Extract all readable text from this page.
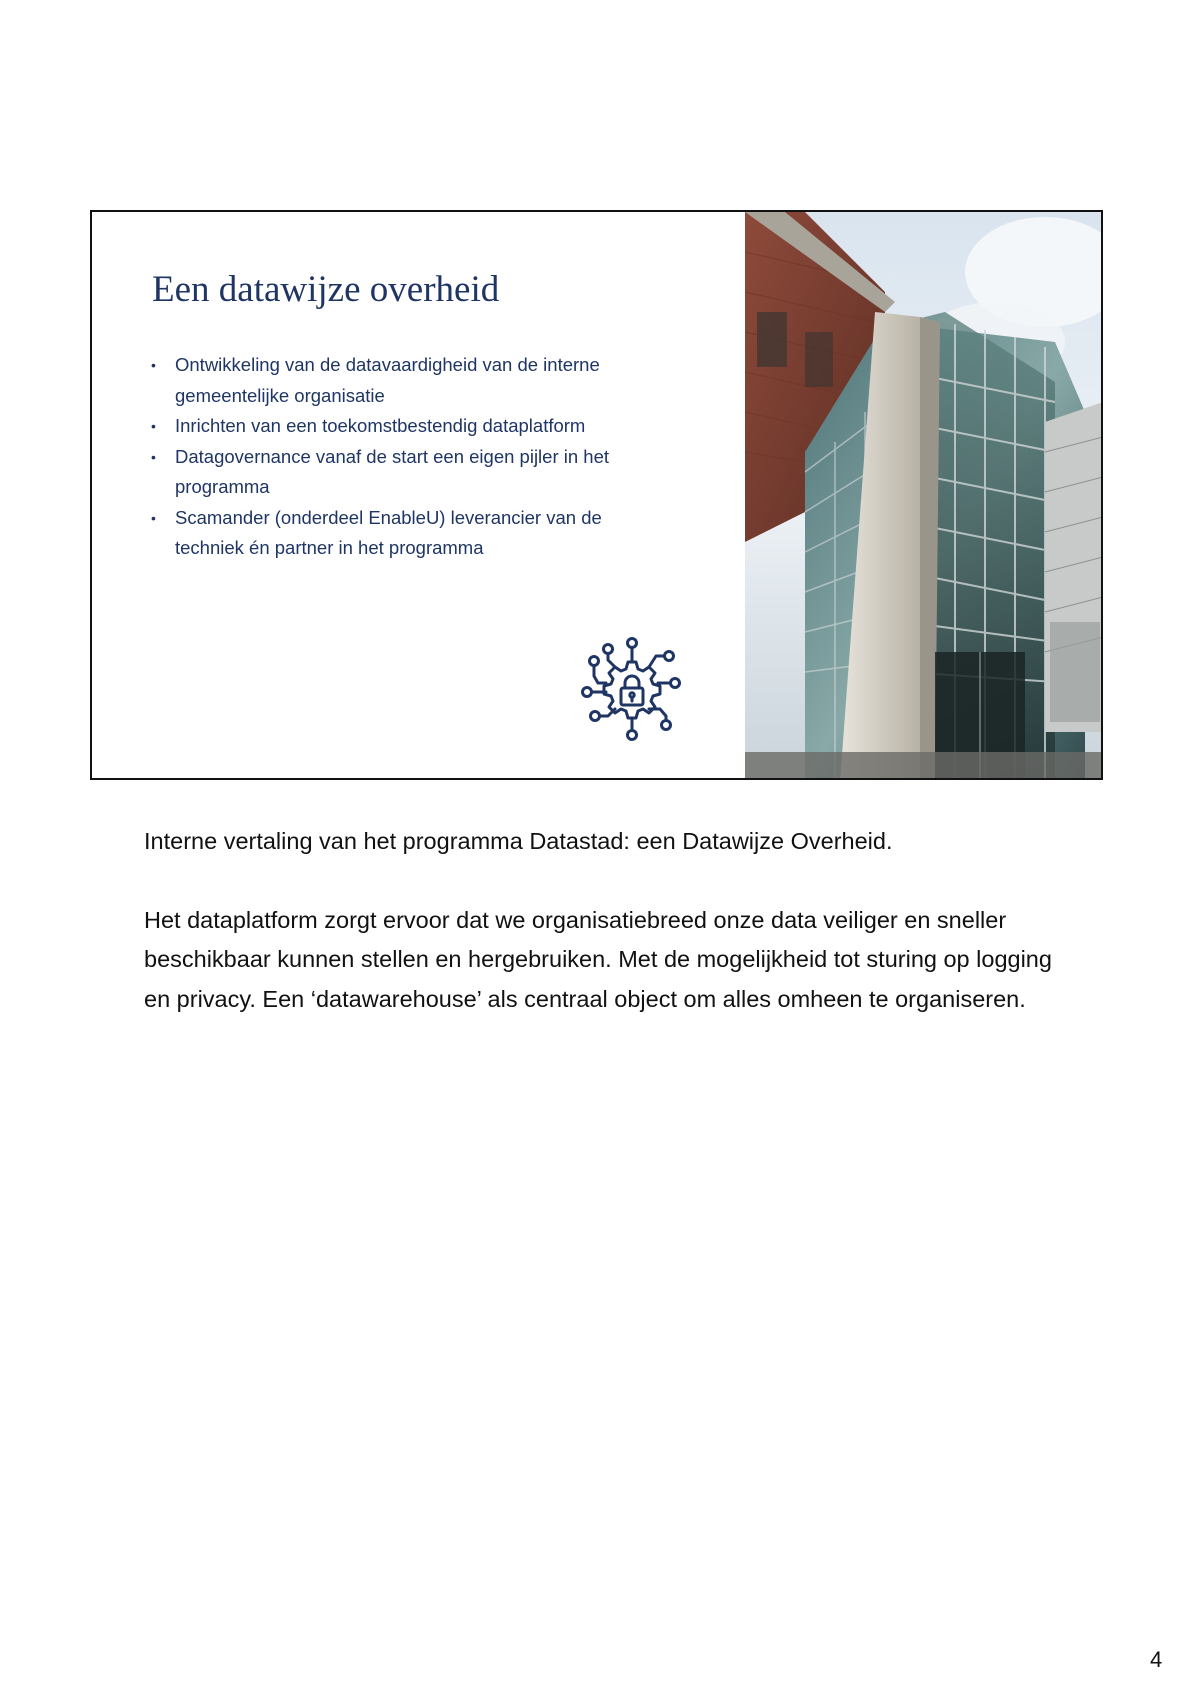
Een datawijze overheid
• Ontwikkeling van de datavaardigheid van de interne gemeentelijke organisatie
• Inrichten van een toekomstbestendig dataplatform
• Datagovernance vanaf de start een eigen pijler in het programma
• Scamander (onderdeel EnableU) leverancier van de techniek én partner in het programma

Interne vertaling van het programma Datastad: een Datawijze Overheid.

Het dataplatform zorgt ervoor dat we organisatiebreed onze data veiliger en sneller beschikbaar kunnen stellen en hergebruiken. Met de mogelijkheid tot sturing op logging en privacy. Een ‘datawarehouse’ als centraal object om alles omheen te organiseren.

4
